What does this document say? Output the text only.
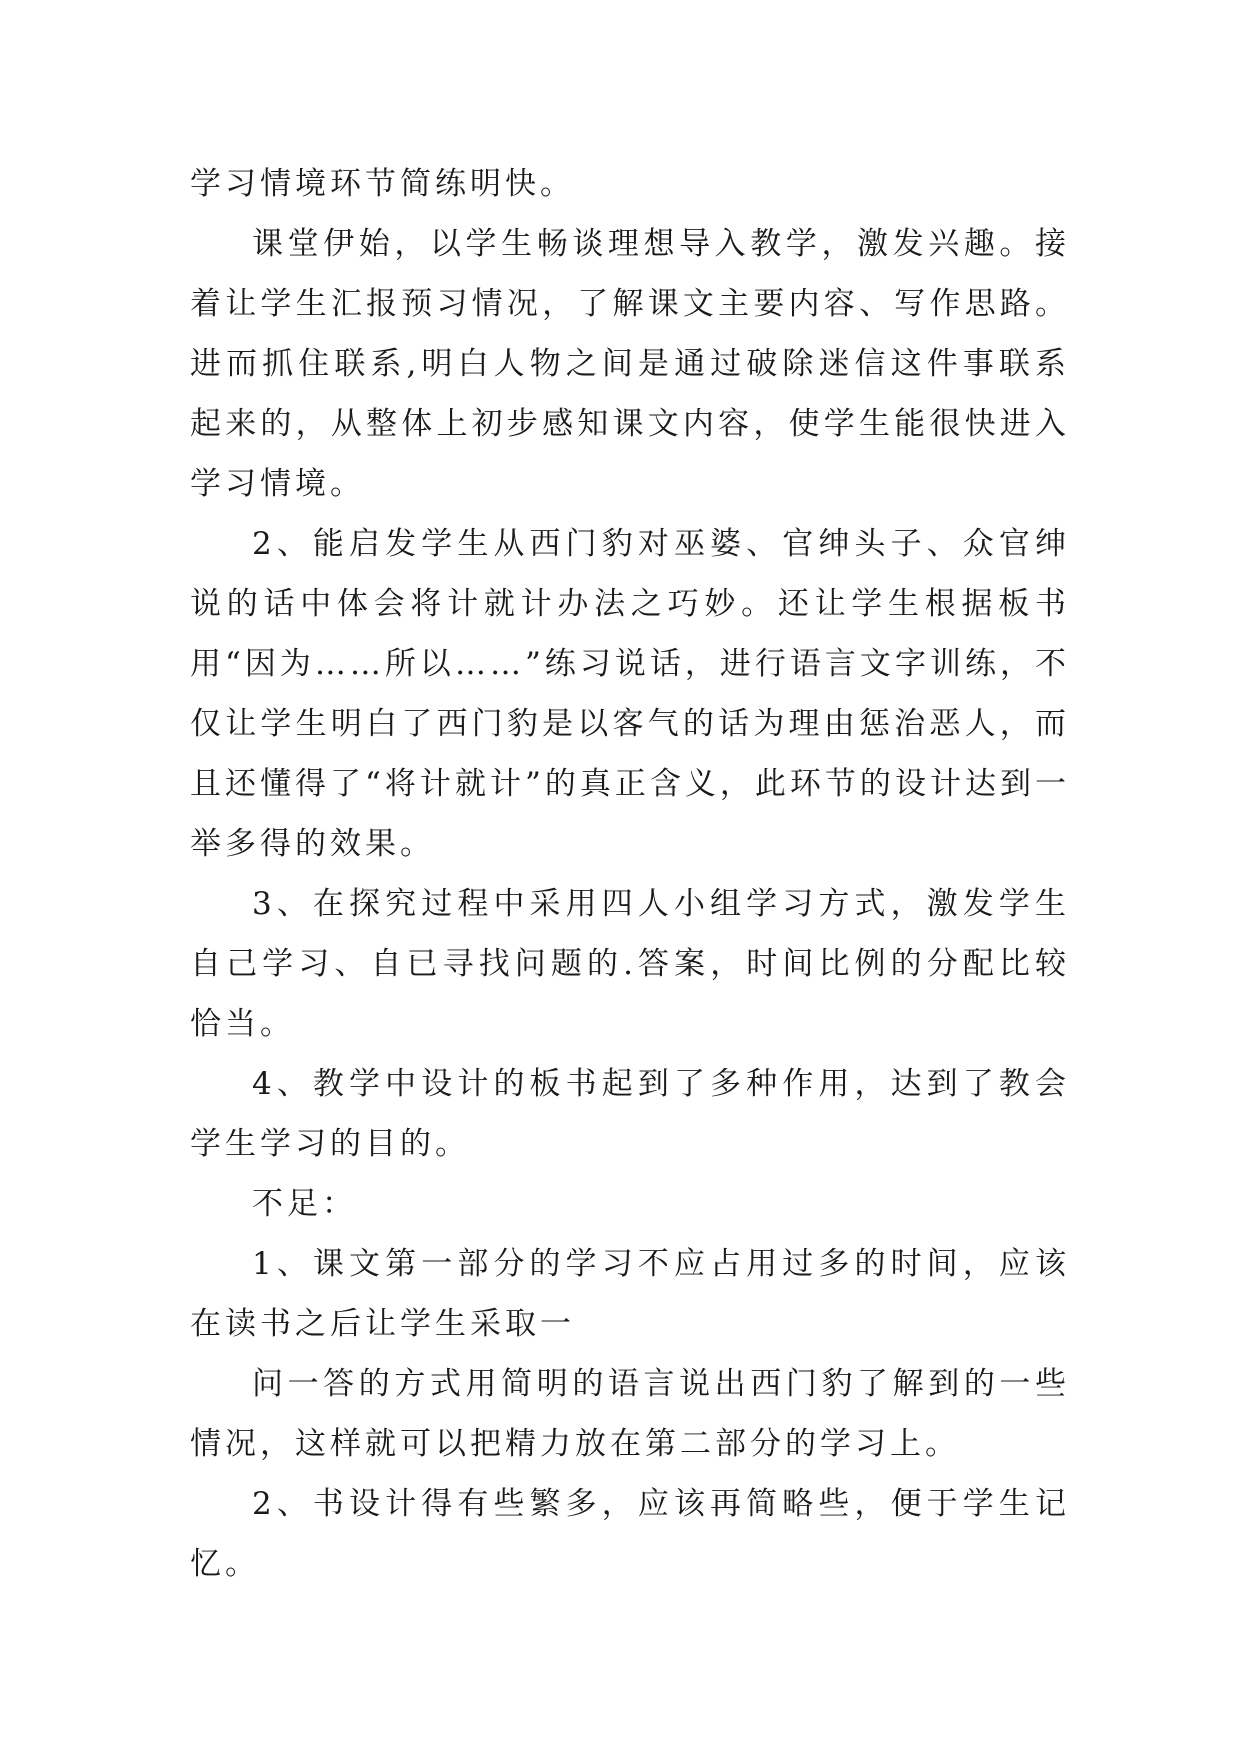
学习情境环节简练明快。

课堂伊始，以学生畅谈理想导入教学，激发兴趣。接着让学生汇报预习情况，了解课文主要内容、写作思路。进而抓住联系,明白人物之间是通过破除迷信这件事联系起来的，从整体上初步感知课文内容，使学生能很快进入学习情境。

2、能启发学生从西门豹对巫婆、官绅头子、众官绅说的话中体会将计就计办法之巧妙。还让学生根据板书用“因为……所以……”练习说话，进行语言文字训练，不仅让学生明白了西门豹是以客气的话为理由惩治恶人，而且还懂得了“将计就计”的真正含义，此环节的设计达到一举多得的效果。

3、在探究过程中采用四人小组学习方式，激发学生自己学习、自已寻找问题的.答案，时间比例的分配比较恰当。

4、教学中设计的板书起到了多种作用，达到了教会学生学习的目的。

不足：

1、课文第一部分的学习不应占用过多的时间，应该在读书之后让学生采取一

问一答的方式用简明的语言说出西门豹了解到的一些情况，这样就可以把精力放在第二部分的学习上。

2、书设计得有些繁多，应该再简略些，便于学生记忆。
